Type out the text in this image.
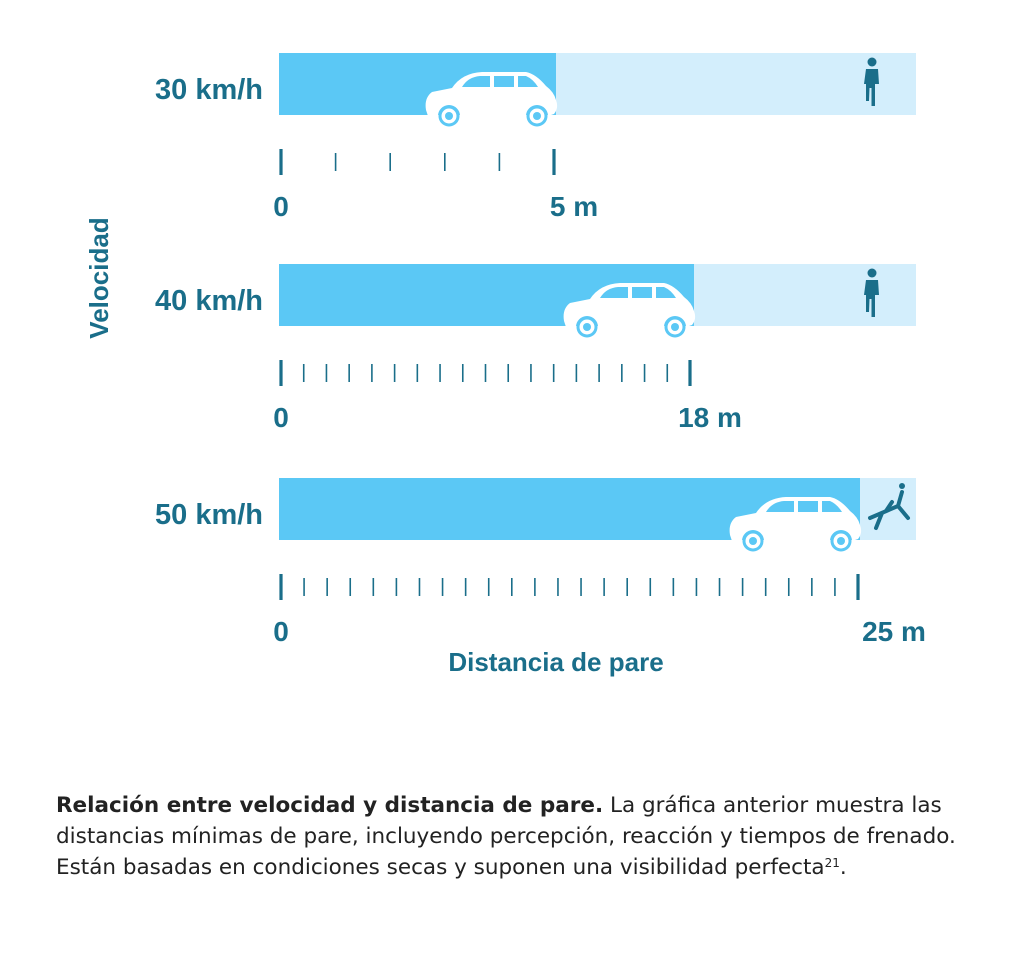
30 km/h
0	5 m
40 km/h
0	18 m
50 km/h
0	25 m
Velocidad
Distancia de pare

Relación entre velocidad y distancia de pare. La gráfica anterior muestra las distancias mínimas de pare, incluyendo percepción, reacción y tiempos de frenado. Están basadas en condiciones secas y suponen una visibilidad perfecta$^{21}$.
